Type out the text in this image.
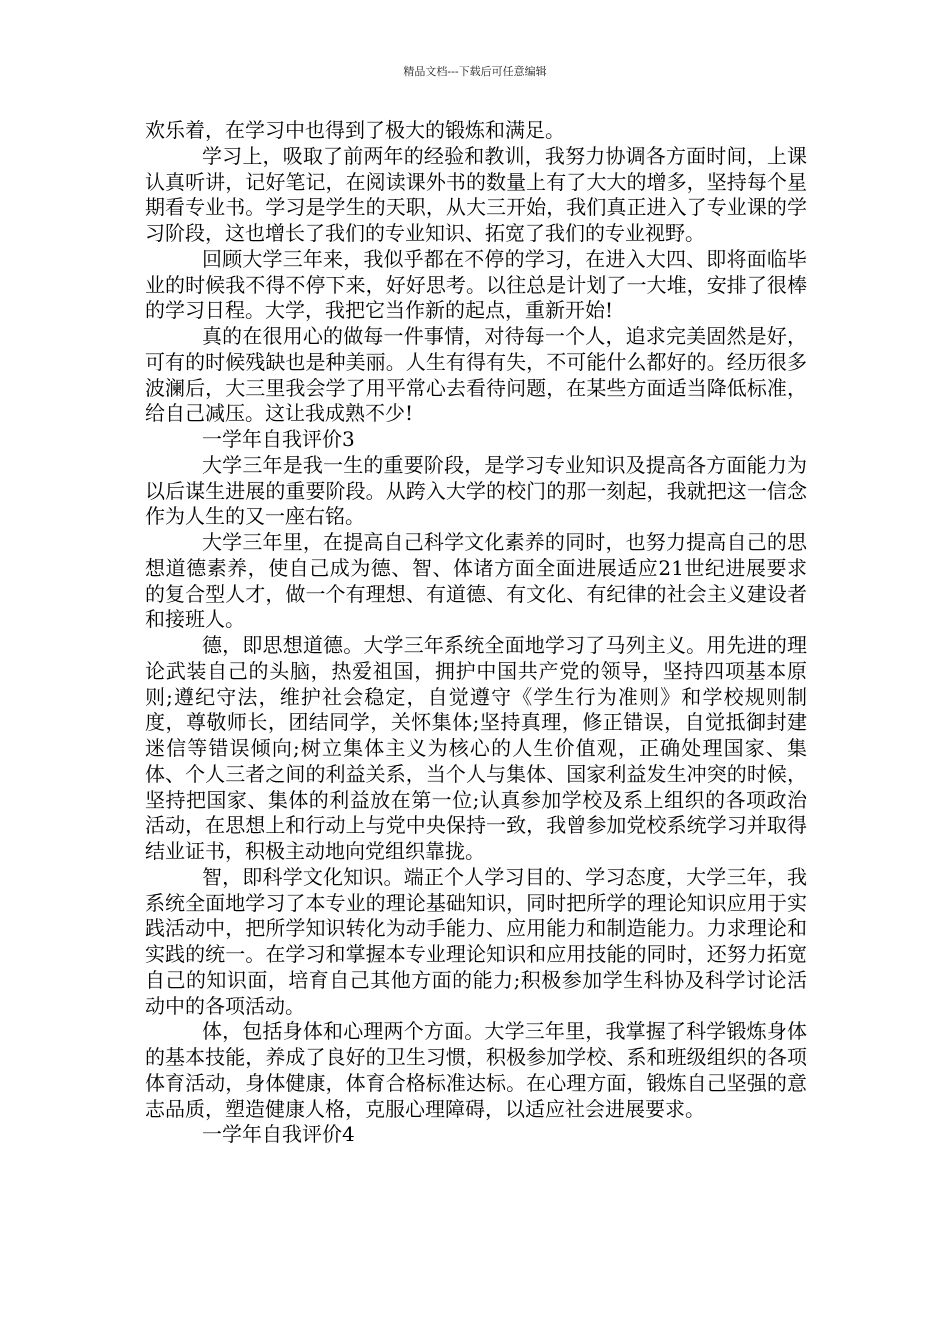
精品文档---下载后可任意编辑

欢乐着，在学习中也得到了极大的锻炼和满足。

学习上，吸取了前两年的经验和教训，我努力协调各方面时间，上课认真听讲，记好笔记，在阅读课外书的数量上有了大大的增多，坚持每个星期看专业书。学习是学生的天职，从大三开始，我们真正进入了专业课的学习阶段，这也增长了我们的专业知识、拓宽了我们的专业视野。

回顾大学三年来，我似乎都在不停的学习，在进入大四、即将面临毕业的时候我不得不停下来，好好思考。以往总是计划了一大堆，安排了很棒的学习日程。大学，我把它当作新的起点，重新开始!

真的在很用心的做每一件事情，对待每一个人，追求完美固然是好，可有的时候残缺也是种美丽。人生有得有失，不可能什么都好的。经历很多波澜后，大三里我会学了用平常心去看待问题，在某些方面适当降低标准，给自己减压。这让我成熟不少!

一学年自我评价3

大学三年是我一生的重要阶段，是学习专业知识及提高各方面能力为以后谋生进展的重要阶段。从跨入大学的校门的那一刻起，我就把这一信念作为人生的又一座右铭。

大学三年里，在提高自己科学文化素养的同时，也努力提高自己的思想道德素养，使自己成为德、智、体诸方面全面进展适应21世纪进展要求的复合型人才，做一个有理想、有道德、有文化、有纪律的社会主义建设者和接班人。

德，即思想道德。大学三年系统全面地学习了马列主义。用先进的理论武装自己的头脑，热爱祖国，拥护中国共产党的领导，坚持四项基本原则;遵纪守法，维护社会稳定，自觉遵守《学生行为准则》和学校规则制度，尊敬师长，团结同学，关怀集体;坚持真理，修正错误，自觉抵御封建迷信等错误倾向;树立集体主义为核心的人生价值观，正确处理国家、集体、个人三者之间的利益关系，当个人与集体、国家利益发生冲突的时候，坚持把国家、集体的利益放在第一位;认真参加学校及系上组织的各项政治活动，在思想上和行动上与党中央保持一致，我曾参加党校系统学习并取得结业证书，积极主动地向党组织靠拢。

智，即科学文化知识。端正个人学习目的、学习态度，大学三年，我系统全面地学习了本专业的理论基础知识，同时把所学的理论知识应用于实践活动中，把所学知识转化为动手能力、应用能力和制造能力。力求理论和实践的统一。在学习和掌握本专业理论知识和应用技能的同时，还努力拓宽自己的知识面，培育自己其他方面的能力;积极参加学生科协及科学讨论活动中的各项活动。

体，包括身体和心理两个方面。大学三年里，我掌握了科学锻炼身体的基本技能，养成了良好的卫生习惯，积极参加学校、系和班级组织的各项体育活动，身体健康，体育合格标准达标。在心理方面，锻炼自己坚强的意志品质，塑造健康人格，克服心理障碍，以适应社会进展要求。

一学年自我评价4
